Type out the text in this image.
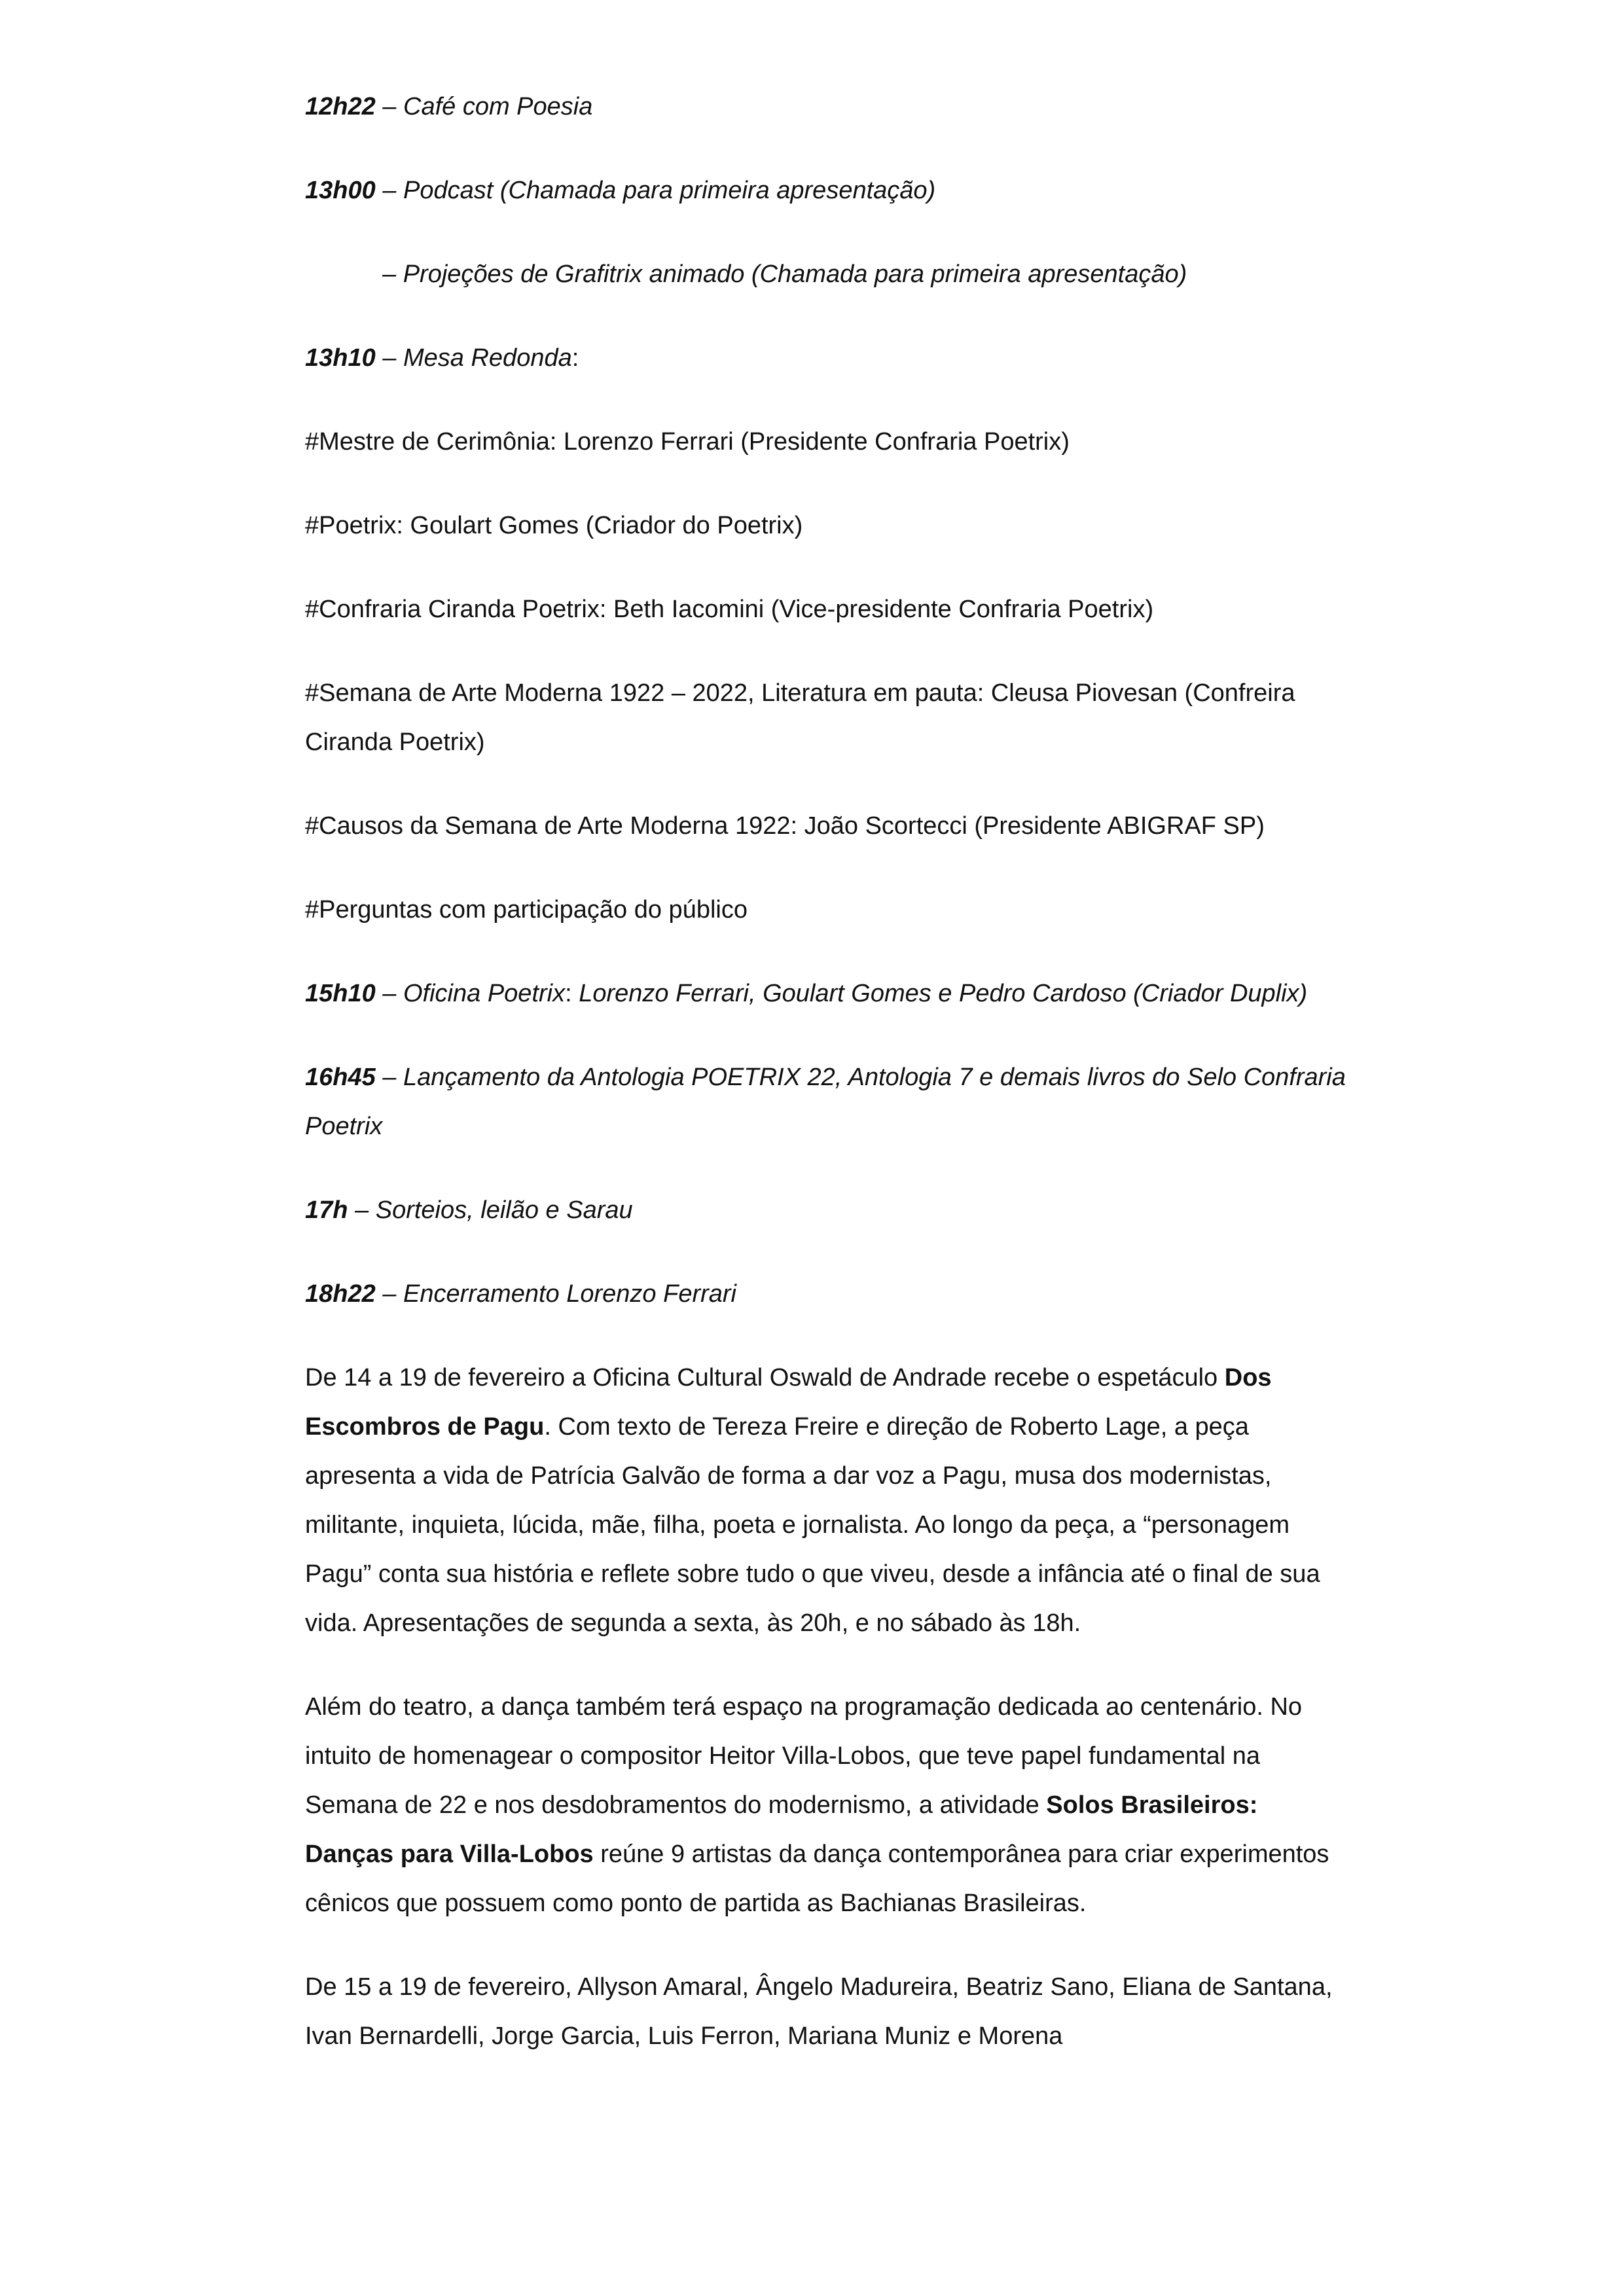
12h22 – Café com Poesia

13h00 – Podcast (Chamada para primeira apresentação)

– Projeções de Grafitrix animado (Chamada para primeira apresentação)

13h10 – Mesa Redonda:

#Mestre de Cerimônia: Lorenzo Ferrari (Presidente Confraria Poetrix)

#Poetrix: Goulart Gomes (Criador do Poetrix)

#Confraria Ciranda Poetrix: Beth Iacomini (Vice-presidente Confraria Poetrix)

#Semana de Arte Moderna 1922 – 2022, Literatura em pauta: Cleusa Piovesan (Confreira Ciranda Poetrix)

#Causos da Semana de Arte Moderna 1922: João Scortecci (Presidente ABIGRAF SP)

#Perguntas com participação do público

15h10 – Oficina Poetrix: Lorenzo Ferrari, Goulart Gomes e Pedro Cardoso (Criador Duplix)

16h45 – Lançamento da Antologia POETRIX 22, Antologia 7 e demais livros do Selo Confraria Poetrix

17h – Sorteios, leilão e Sarau

18h22 – Encerramento Lorenzo Ferrari

De 14 a 19 de fevereiro a Oficina Cultural Oswald de Andrade recebe o espetáculo Dos Escombros de Pagu. Com texto de Tereza Freire e direção de Roberto Lage, a peça apresenta a vida de Patrícia Galvão de forma a dar voz a Pagu, musa dos modernistas, militante, inquieta, lúcida, mãe, filha, poeta e jornalista. Ao longo da peça, a “personagem Pagu” conta sua história e reflete sobre tudo o que viveu, desde a infância até o final de sua vida. Apresentações de segunda a sexta, às 20h, e no sábado às 18h.

Além do teatro, a dança também terá espaço na programação dedicada ao centenário. No intuito de homenagear o compositor Heitor Villa-Lobos, que teve papel fundamental na Semana de 22 e nos desdobramentos do modernismo, a atividade Solos Brasileiros: Danças para Villa-Lobos reúne 9 artistas da dança contemporânea para criar experimentos cênicos que possuem como ponto de partida as Bachianas Brasileiras.

De 15 a 19 de fevereiro, Allyson Amaral, Ângelo Madureira, Beatriz Sano, Eliana de Santana, Ivan Bernardelli, Jorge Garcia, Luis Ferron, Mariana Muniz e Morena
